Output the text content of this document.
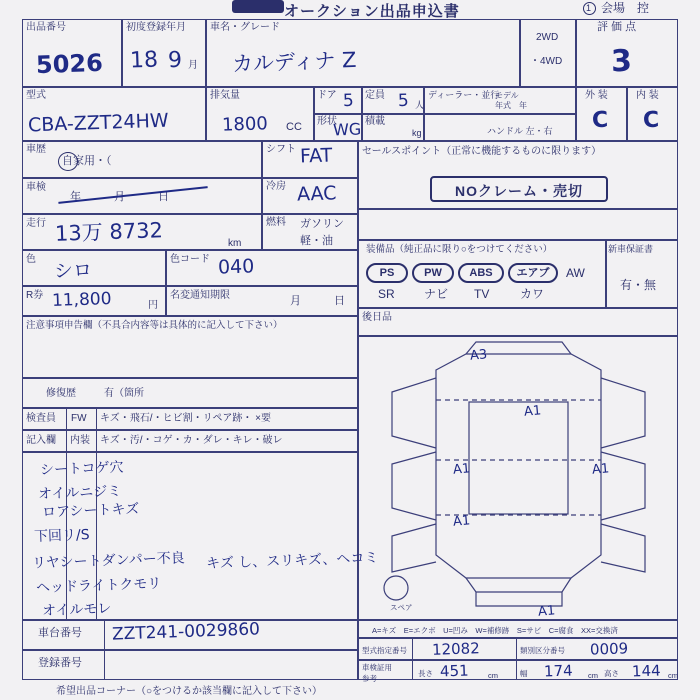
オークション出品申込書	1 会場　控
出品番号
5026
初度登録年月
18 9 月
車名・グレード
カルディナ Z
2WD
・4WD
評 価 点
3
型式
CBA-ZZT24HW
排気量
1800 CC
ドア 5 定員 5 人
形状
WG 積載
kg
ディーラー・並行
モデル
年式　年
ハンドル 左・右
外 装
C
内 装
C
車歴
自家用・（
シフト FAT	セールスポイント（正常に機能するものに限ります）
NOクレーム・売切
車検
年　　　月　　　日
冷房 AAC
走行 13万 8732	km
燃料 ガソリン
軽・油
装備品（純正品に限り○をつけてください）
PS	PW	ABS	エアブ	AW
SR ナビ TV	カワ
新車保証書
有・無
色 シロ	色コード 040
R券 11,800	円
名変通知期限	月　　　日
後日品
注意事項申告欄（不具合内容等は具体的に記入して下さい）
修復歴	有（箇所
検査員 FW キズ・飛石/・ヒビ割・リペア跡・ ×要
記入欄 内装 キズ・汚/・コゲ・カ・ダレ・キレ・破レ
シートコゲ穴
オイルニジミ
ロアシートキズ
下回リ/S
リヤシートダンパー不良 キズ し、スリキズ、ヘコミ
ヘッドライトクモリ
オイルモレ
A3
A1
A1	A1
A1
A1
スペア
A=キズ　E=エクボ　U=凹み　W=補修跡　S=サビ　C=腐食　XX=交換済
車台番号 ZZT241-0029860
登録番号
型式指定番号 12082	類別区分番号 0009
車検証用
参考
長さ 451	cm	幅 174 cm 高さ 144 cm
希望出品コーナー（○をつけるか該当欄に記入して下さい）
